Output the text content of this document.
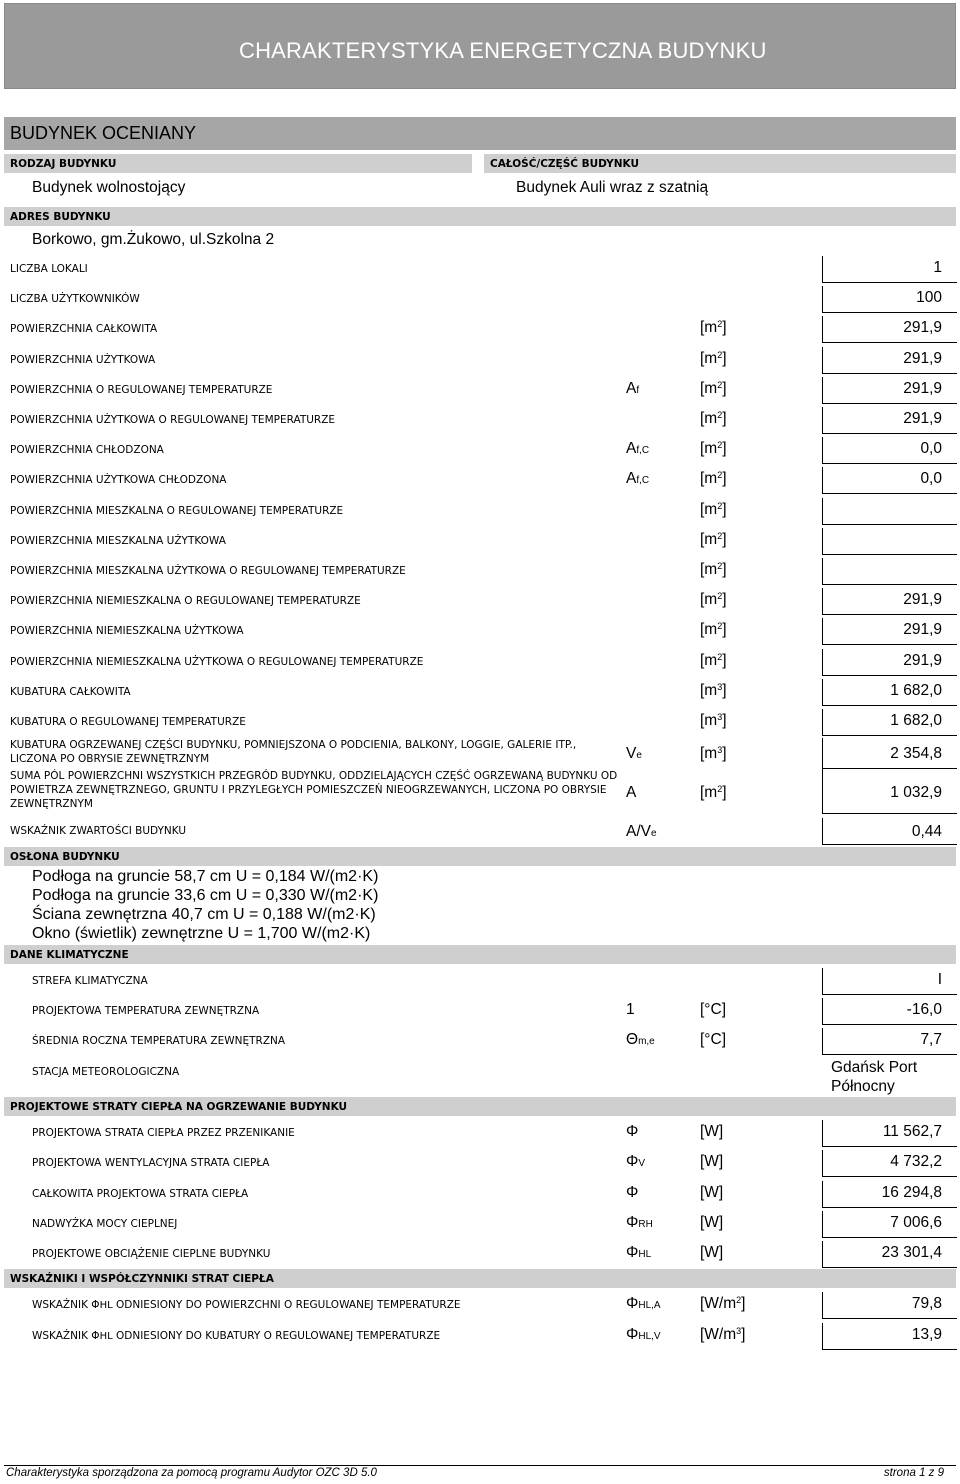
CHARAKTERYSTYKA ENERGETYCZNA BUDYNKU
BUDYNEK OCENIANY
RODZAJ BUDYNKU	CAŁOŚĆ/CZĘŚĆ BUDYNKU
Budynek wolnostojący	Budynek Auli wraz z szatnią
ADRES BUDYNKU
Borkowo, gm.Żukowo, ul.Szkolna 2
LICZBA LOKALI	1
LICZBA UŻYTKOWNIKÓW	100
POWIERZCHNIA CAŁKOWITA	$[m^2]$	291,9
POWIERZCHNIA UŻYTKOWA	$[m^2]$	291,9
POWIERZCHNIA O REGULOWANEJ TEMPERATURZE	Af	$[m^2]$	291,9
POWIERZCHNIA UŻYTKOWA O REGULOWANEJ TEMPERATURZE	$[m^2]$	291,9
POWIERZCHNIA CHŁODZONA	Af,C	$[m^2]$	0,0
POWIERZCHNIA UŻYTKOWA CHŁODZONA	Af,C	$[m^2]$	0,0
POWIERZCHNIA MIESZKALNA O REGULOWANEJ TEMPERATURZE	$[m^2]$
POWIERZCHNIA MIESZKALNA UŻYTKOWA	$[m^2]$
POWIERZCHNIA MIESZKALNA UŻYTKOWA O REGULOWANEJ TEMPERATURZE	$[m^2]$
POWIERZCHNIA NIEMIESZKALNA O REGULOWANEJ TEMPERATURZE	$[m^2]$	291,9
POWIERZCHNIA NIEMIESZKALNA UŻYTKOWA	$[m^2]$	291,9
POWIERZCHNIA NIEMIESZKALNA UŻYTKOWA O REGULOWANEJ TEMPERATURZE	$[m^2]$	291,9
KUBATURA CAŁKOWITA	$[m^3]$	1 682,0
KUBATURA O REGULOWANEJ TEMPERATURZE	$[m^3]$	1 682,0
KUBATURA OGRZEWANEJ CZĘŚCI BUDYNKU, POMNIEJSZONA O PODCIENIA, BALKONY, LOGGIE, GALERIE ITP.,
LICZONA PO OBRYSIE ZEWNĘTRZNYM	Ve	$[m^3]$	2 354,8
SUMA PÓL POWIERZCHNI WSZYSTKICH PRZEGRÓD BUDYNKU, ODDZIELAJĄCYCH CZĘŚĆ OGRZEWANĄ BUDYNKU OD
POWIETRZA ZEWNĘTRZNEGO, GRUNTU I PRZYLEGŁYCH POMIESZCZEŃ NIEOGRZEWANYCH, LICZONA PO OBRYSIE
ZEWNĘTRZNYM
A	$[m^2]$	1 032,9
WSKAŹNIK ZWARTOŚCI BUDYNKU	A/Ve	0,44
OSŁONA BUDYNKU
Podłoga na gruncie 58,7 cm U = 0,184 W/(m2·K)
Podłoga na gruncie 33,6 cm U = 0,330 W/(m2·K)
Ściana zewnętrzna 40,7 cm U = 0,188 W/(m2·K)
Okno (świetlik) zewnętrzne U = 1,700 W/(m2·K)
DANE KLIMATYCZNE
STREFA KLIMATYCZNA	I
PROJEKTOWA TEMPERATURA ZEWNĘTRZNA	1	[°C]	-16,0
ŚREDNIA ROCZNA TEMPERATURA ZEWNĘTRZNA	Θm,e	[°C]	7,7
STACJA METEOROLOGICZNA	Gdańsk Port
Północny
PROJEKTOWE STRATY CIEPŁA NA OGRZEWANIE BUDYNKU
PROJEKTOWA STRATA CIEPŁA PRZEZ PRZENIKANIE	Φ	[W]	11 562,7
PROJEKTOWA WENTYLACYJNA STRATA CIEPŁA	ΦV	[W]	4 732,2
CAŁKOWITA PROJEKTOWA STRATA CIEPŁA	Φ	[W]	16 294,8
NADWYŻKA MOCY CIEPLNEJ	ΦRH	[W]	7 006,6
PROJEKTOWE OBCIĄŻENIE CIEPLNE BUDYNKU	ΦHL	[W]	23 301,4
WSKAŹNIKI I WSPÓŁCZYNNIKI STRAT CIEPŁA
WSKAŹNIK ΦHL ODNIESIONY DO POWIERZCHNI O REGULOWANEJ TEMPERATURZE	ΦHL,A	$[W/m^2]$	79,8
WSKAŹNIK ΦHL ODNIESIONY DO KUBATURY O REGULOWANEJ TEMPERATURZE	ΦHL,V	$[W/m^3]$	13,9
Charakterystyka sporządzona za pomocą programu Audytor OZC 3D 5.0	strona 1 z 9
